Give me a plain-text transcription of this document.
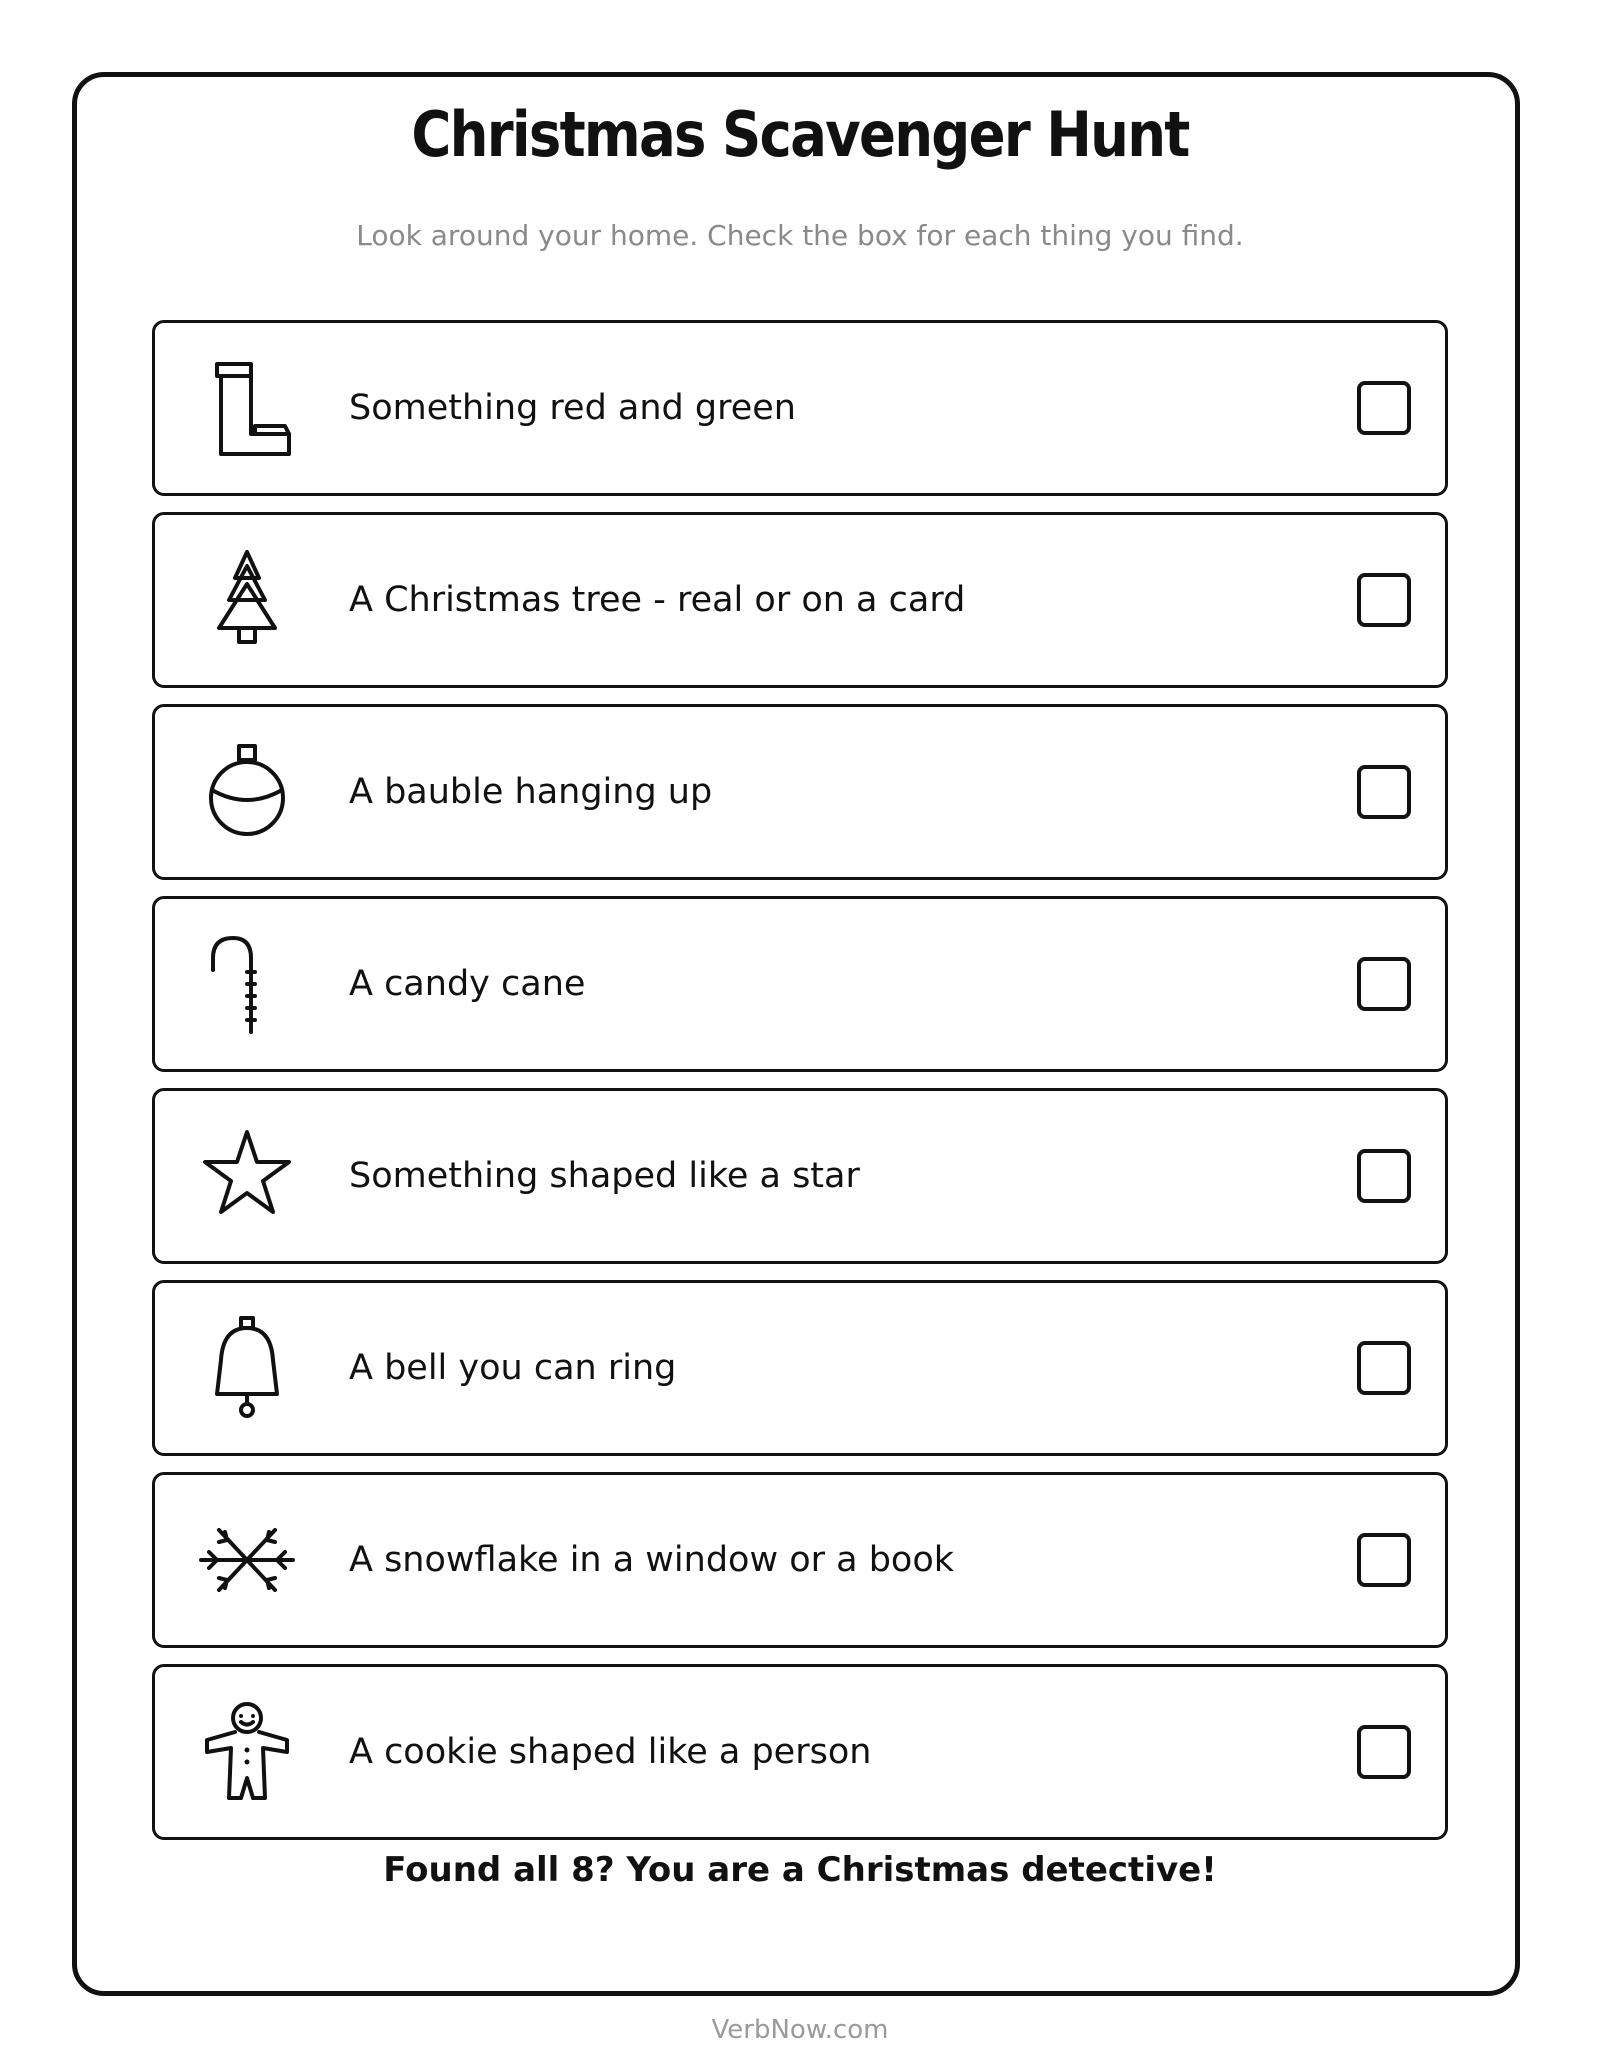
Christmas Scavenger Hunt
Look around your home. Check the box for each thing you find.
Something red and green
A Christmas tree - real or on a card
A bauble hanging up
A candy cane
Something shaped like a star
A bell you can ring
A snowflake in a window or a book
A cookie shaped like a person
Found all 8? You are a Christmas detective!
VerbNow.com
